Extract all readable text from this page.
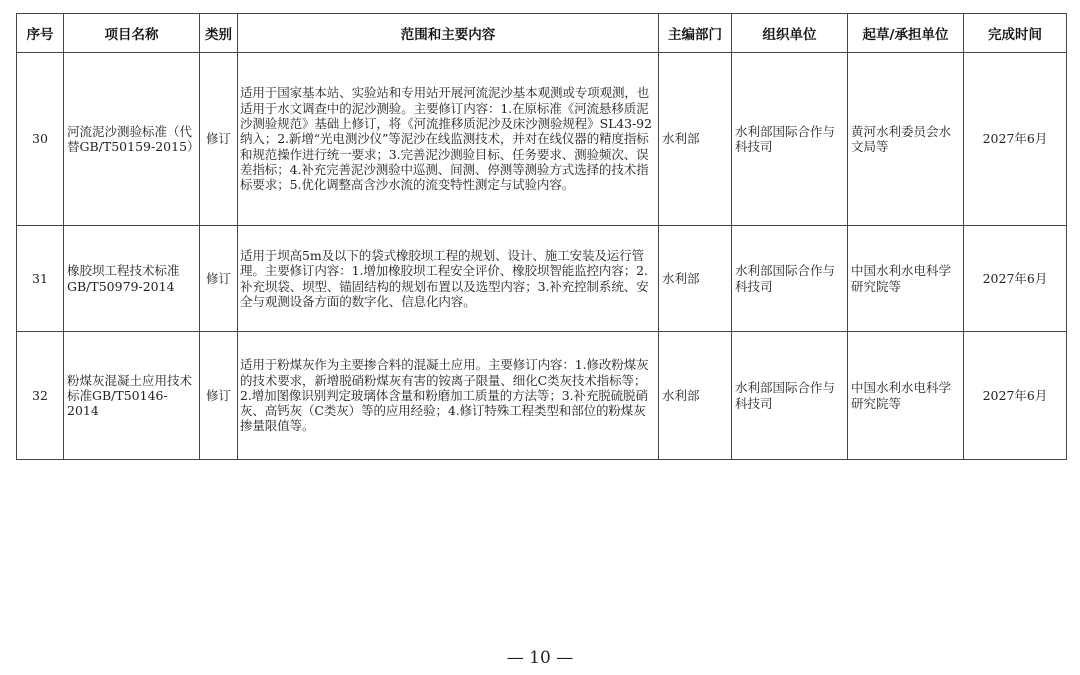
序号	项目名称	类别	范围和主要内容	主编部门	组织单位	起草/承担单位	完成时间
30	河流泥沙测验标准（代替GB/T50159-2015）	修订	适用于国家基本站、实验站和专用站开展河流泥沙基本观测或专项观测，也适用于水文调查中的泥沙测验。主要修订内容：1.在原标准《河流悬移质泥沙测验规范》基础上修订，将《河流推移质泥沙及床沙测验规程》SL43-92纳入；2.新增“光电测沙仪”等泥沙在线监测技术，并对在线仪器的精度指标和规范操作进行统一要求；3.完善泥沙测验目标、任务要求、测验频次、误差指标；4.补充完善泥沙测验中巡测、间测、停测等测验方式选择的技术指标要求；5.优化调整高含沙水流的流变特性测定与试验内容。	水利部	水利部国际合作与科技司	黄河水利委员会水文局等	2027年6月
31	橡胶坝工程技术标准GB/T50979-2014	修订	适用于坝高5m及以下的袋式橡胶坝工程的规划、设计、施工安装及运行管理。主要修订内容：1.增加橡胶坝工程安全评价、橡胶坝智能监控内容；2.补充坝袋、坝型、锚固结构的规划布置以及选型内容；3.补充控制系统、安全与观测设备方面的数字化、信息化内容。	水利部	水利部国际合作与科技司	中国水利水电科学研究院等	2027年6月
32	粉煤灰混凝土应用技术标准GB/T50146-2014	修订	适用于粉煤灰作为主要掺合料的混凝土应用。主要修订内容：1.修改粉煤灰的技术要求，新增脱硝粉煤灰有害的铵离子限量、细化C类灰技术指标等；2.增加图像识别判定玻璃体含量和粉磨加工质量的方法等；3.补充脱硫脱硝灰、高钙灰（C类灰）等的应用经验；4.修订特殊工程类型和部位的粉煤灰掺量限值等。	水利部	水利部国际合作与科技司	中国水利水电科学研究院等	2027年6月
— 10 —
